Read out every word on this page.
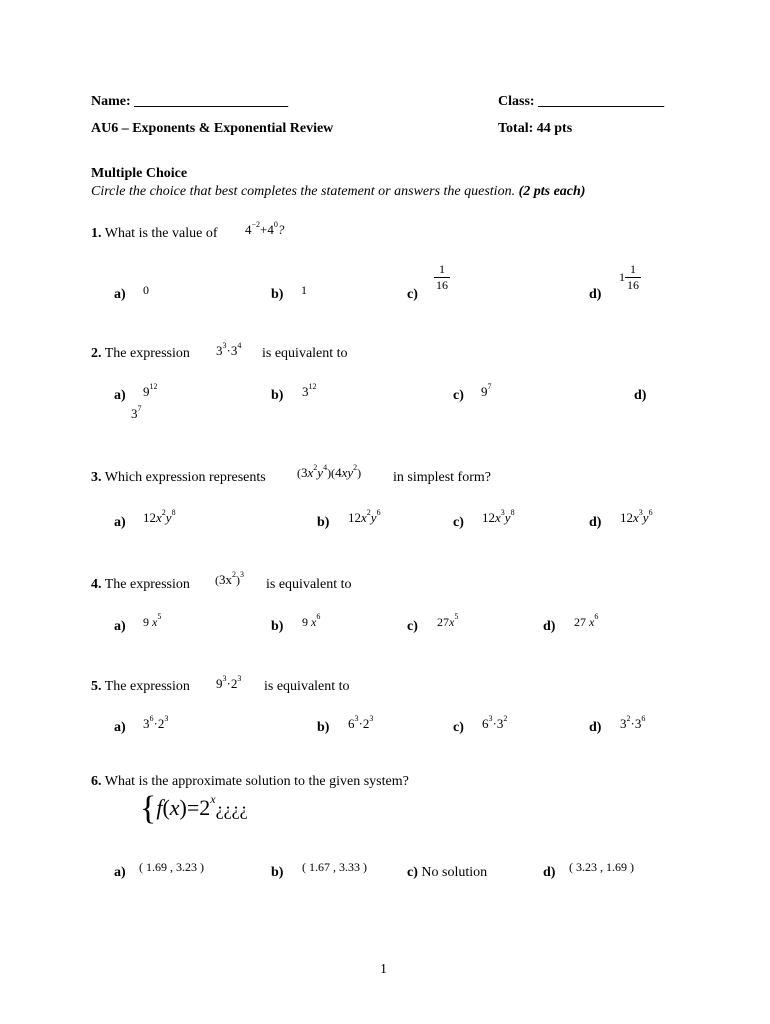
Name: ______________________	Class: __________________
AU6 – Exponents & Exponential Review	Total: 44 pts
Multiple Choice
Circle the choice that best completes the statement or answers the question. (2 pts each)
1. What is the value of $4^{-2}+4^0$?
a) 0	b) 1	c)
$\frac{1}{16}$
d)
$1 \frac{1}{16}$
2. The expression $3^3\cdot 3^4$
is equivalent to
a) $9^{12}$
$3^7$
b) $3^{12}$
c) $9^7$
d)
3. Which expression represents	$(3x^2y^4)(4xy^2)$ in simplest form?
a) $12x^2y^8$
b) $12x^2y^6$
c) $12x^3y^8$
d) $12x^3y^6$
4. The expression $(3x^2)^3$
is equivalent to
a) 9 $x^5$
b) 9 $x^6$
c) $27x^5$
d) 27 $x^6$
5. The expression $9^3\cdot 2^3$
is equivalent to
a) $3^6\cdot 2^3$
b) $6^3\cdot 2^3$
c) $6^3\cdot 3^2$
d) $3^2\cdot 3^6$
6. What is the approximate solution to the given system?
{$f(x)=2^x¿¿¿¿$
a) ( 1.69 , 3.23 )	b) ( 1.67 , 3.33 )	c) No solution	d) ( 3.23 , 1.69 )
1
